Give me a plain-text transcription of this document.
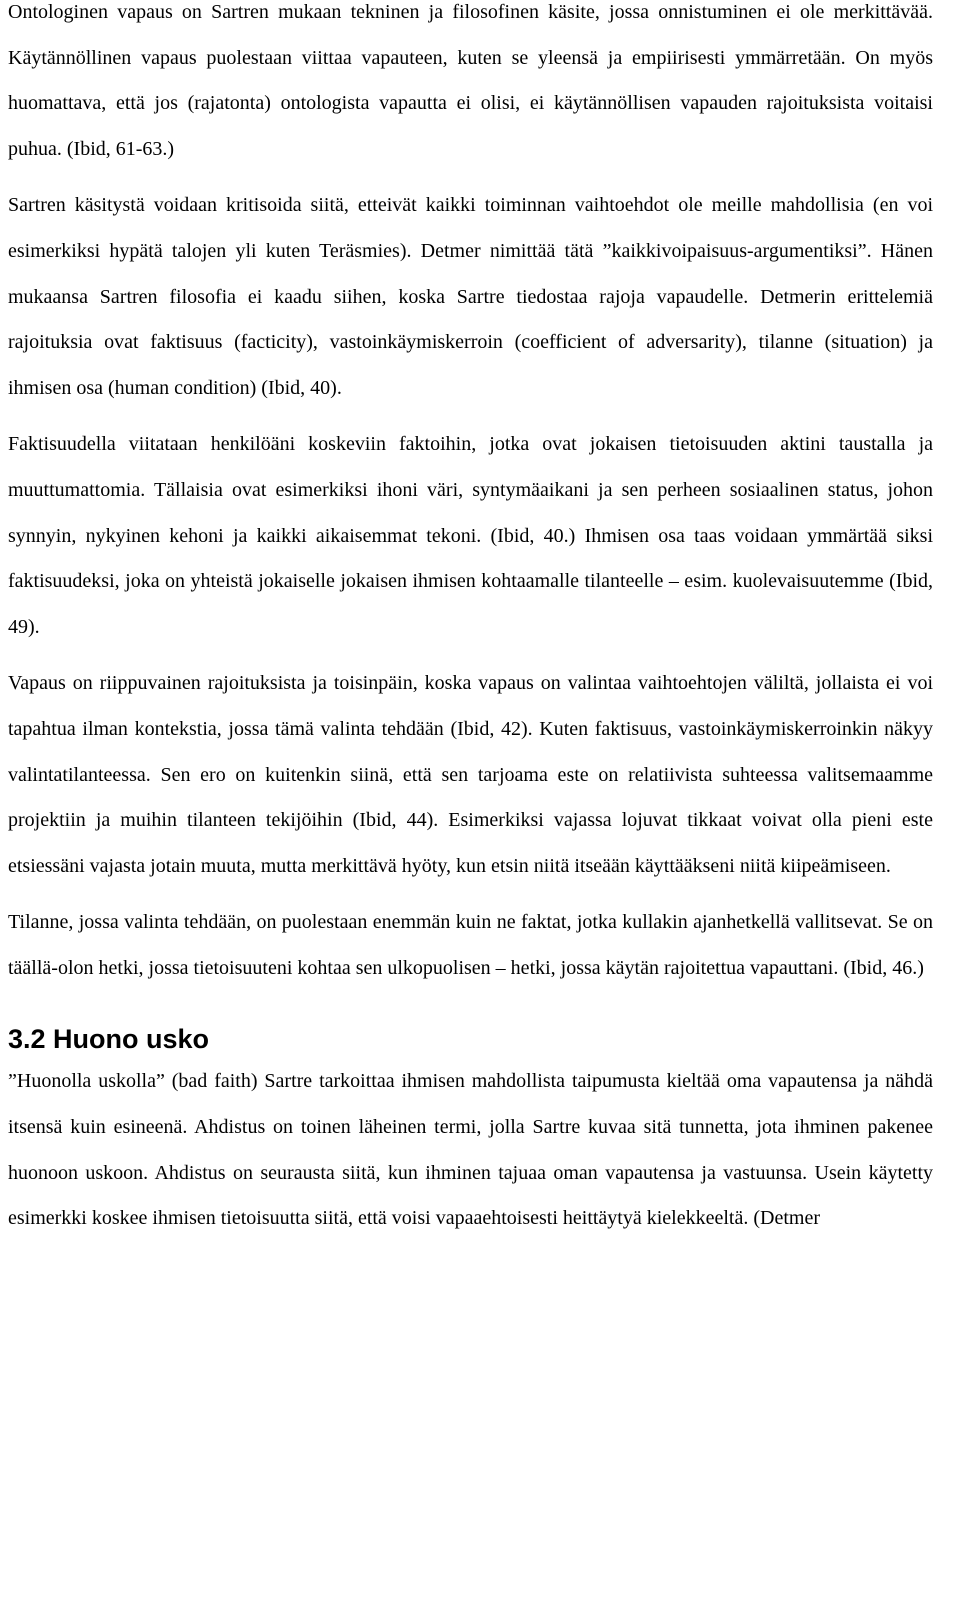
Ontologinen vapaus on Sartren mukaan tekninen ja filosofinen käsite, jossa onnistuminen ei ole merkittävää. Käytännöllinen vapaus puolestaan viittaa vapauteen, kuten se yleensä ja empiirisesti ymmärretään. On myös huomattava, että jos (rajatonta) ontologista vapautta ei olisi, ei käytännöllisen vapauden rajoituksista voitaisi puhua. (Ibid, 61-63.)

Sartren käsitystä voidaan kritisoida siitä, etteivät kaikki toiminnan vaihtoehdot ole meille mahdollisia (en voi esimerkiksi hypätä talojen yli kuten Teräsmies). Detmer nimittää tätä ”kaikkivoipaisuus-argumentiksi”. Hänen mukaansa Sartren filosofia ei kaadu siihen, koska Sartre tiedostaa rajoja vapaudelle. Detmerin erittelemiä rajoituksia ovat faktisuus (facticity), vastoinkäymiskerroin (coefficient of adversarity), tilanne (situation) ja ihmisen osa (human condition) (Ibid, 40).

Faktisuudella viitataan henkilöäni koskeviin faktoihin, jotka ovat jokaisen tietoisuuden aktini taustalla ja muuttumattomia. Tällaisia ovat esimerkiksi ihoni väri, syntymäaikani ja sen perheen sosiaalinen status, johon synnyin, nykyinen kehoni ja kaikki aikaisemmat tekoni. (Ibid, 40.) Ihmisen osa taas voidaan ymmärtää siksi faktisuudeksi, joka on yhteistä jokaiselle jokaisen ihmisen kohtaamalle tilanteelle – esim. kuolevaisuutemme (Ibid, 49).

Vapaus on riippuvainen rajoituksista ja toisinpäin, koska vapaus on valintaa vaihtoehtojen väliltä, jollaista ei voi tapahtua ilman kontekstia, jossa tämä valinta tehdään (Ibid, 42). Kuten faktisuus, vastoinkäymiskerroinkin näkyy valintatilanteessa. Sen ero on kuitenkin siinä, että sen tarjoama este on relatiivista suhteessa valitsemaamme projektiin ja muihin tilanteen tekijöihin (Ibid, 44). Esimerkiksi vajassa lojuvat tikkaat voivat olla pieni este etsiessäni vajasta jotain muuta, mutta merkittävä hyöty, kun etsin niitä itseään käyttääkseni niitä kiipeämiseen.

Tilanne, jossa valinta tehdään, on puolestaan enemmän kuin ne faktat, jotka kullakin ajanhetkellä vallitsevat. Se on täällä-olon hetki, jossa tietoisuuteni kohtaa sen ulkopuolisen – hetki, jossa käytän rajoitettua vapauttani. (Ibid, 46.)

3.2 Huono usko

”Huonolla uskolla” (bad faith) Sartre tarkoittaa ihmisen mahdollista taipumusta kieltää oma vapautensa ja nähdä itsensä kuin esineenä. Ahdistus on toinen läheinen termi, jolla Sartre kuvaa sitä tunnetta, jota ihminen pakenee huonoon uskoon. Ahdistus on seurausta siitä, kun ihminen tajuaa oman vapautensa ja vastuunsa. Usein käytetty esimerkki koskee ihmisen tietoisuutta siitä, että voisi vapaaehtoisesti heittäytyä kielekkeeltä. (Detmer
